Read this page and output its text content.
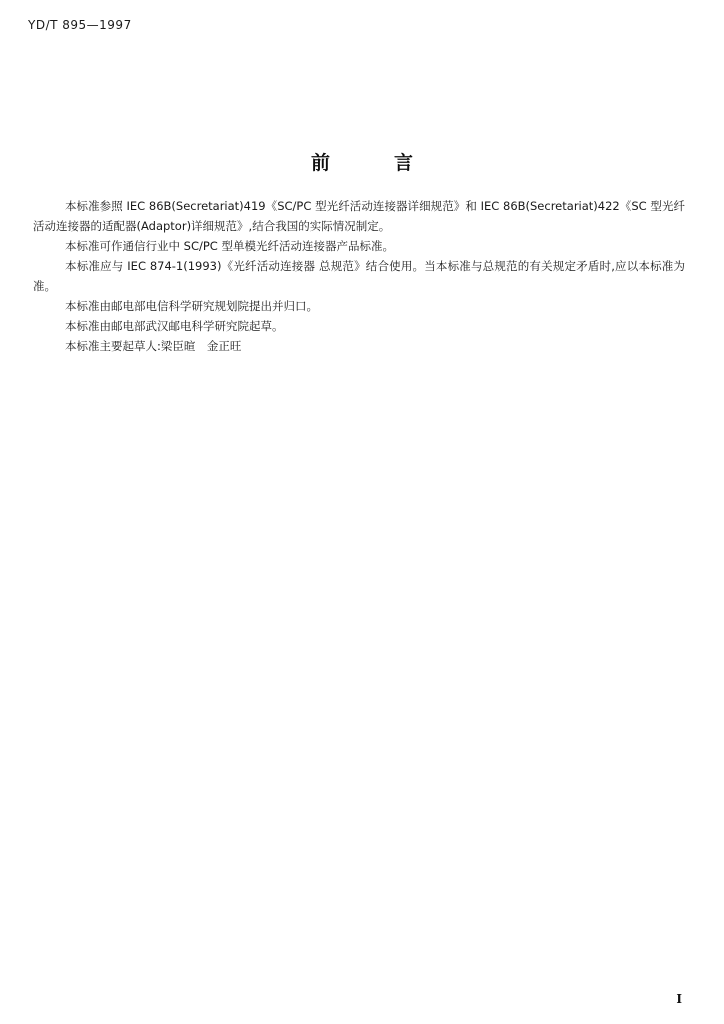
YD/T 895—1997
前	言

本标准参照 IEC 86B(Secretariat)419《SC/PC 型光纤活动连接器详细规范》和 IEC 86B(Secretariat)422《SC 型光纤活动连接器的适配器(Adaptor)详细规范》,结合我国的实际情况制定。

本标准可作通信行业中 SC/PC 型单模光纤活动连接器产品标准。

本标准应与 IEC 874-1(1993)《光纤活动连接器 总规范》结合使用。当本标准与总规范的有关规定矛盾时,应以本标准为准。

本标准由邮电部电信科学研究规划院提出并归口。

本标准由邮电部武汉邮电科学研究院起草。

本标准主要起草人:梁臣暄　金正旺

I
